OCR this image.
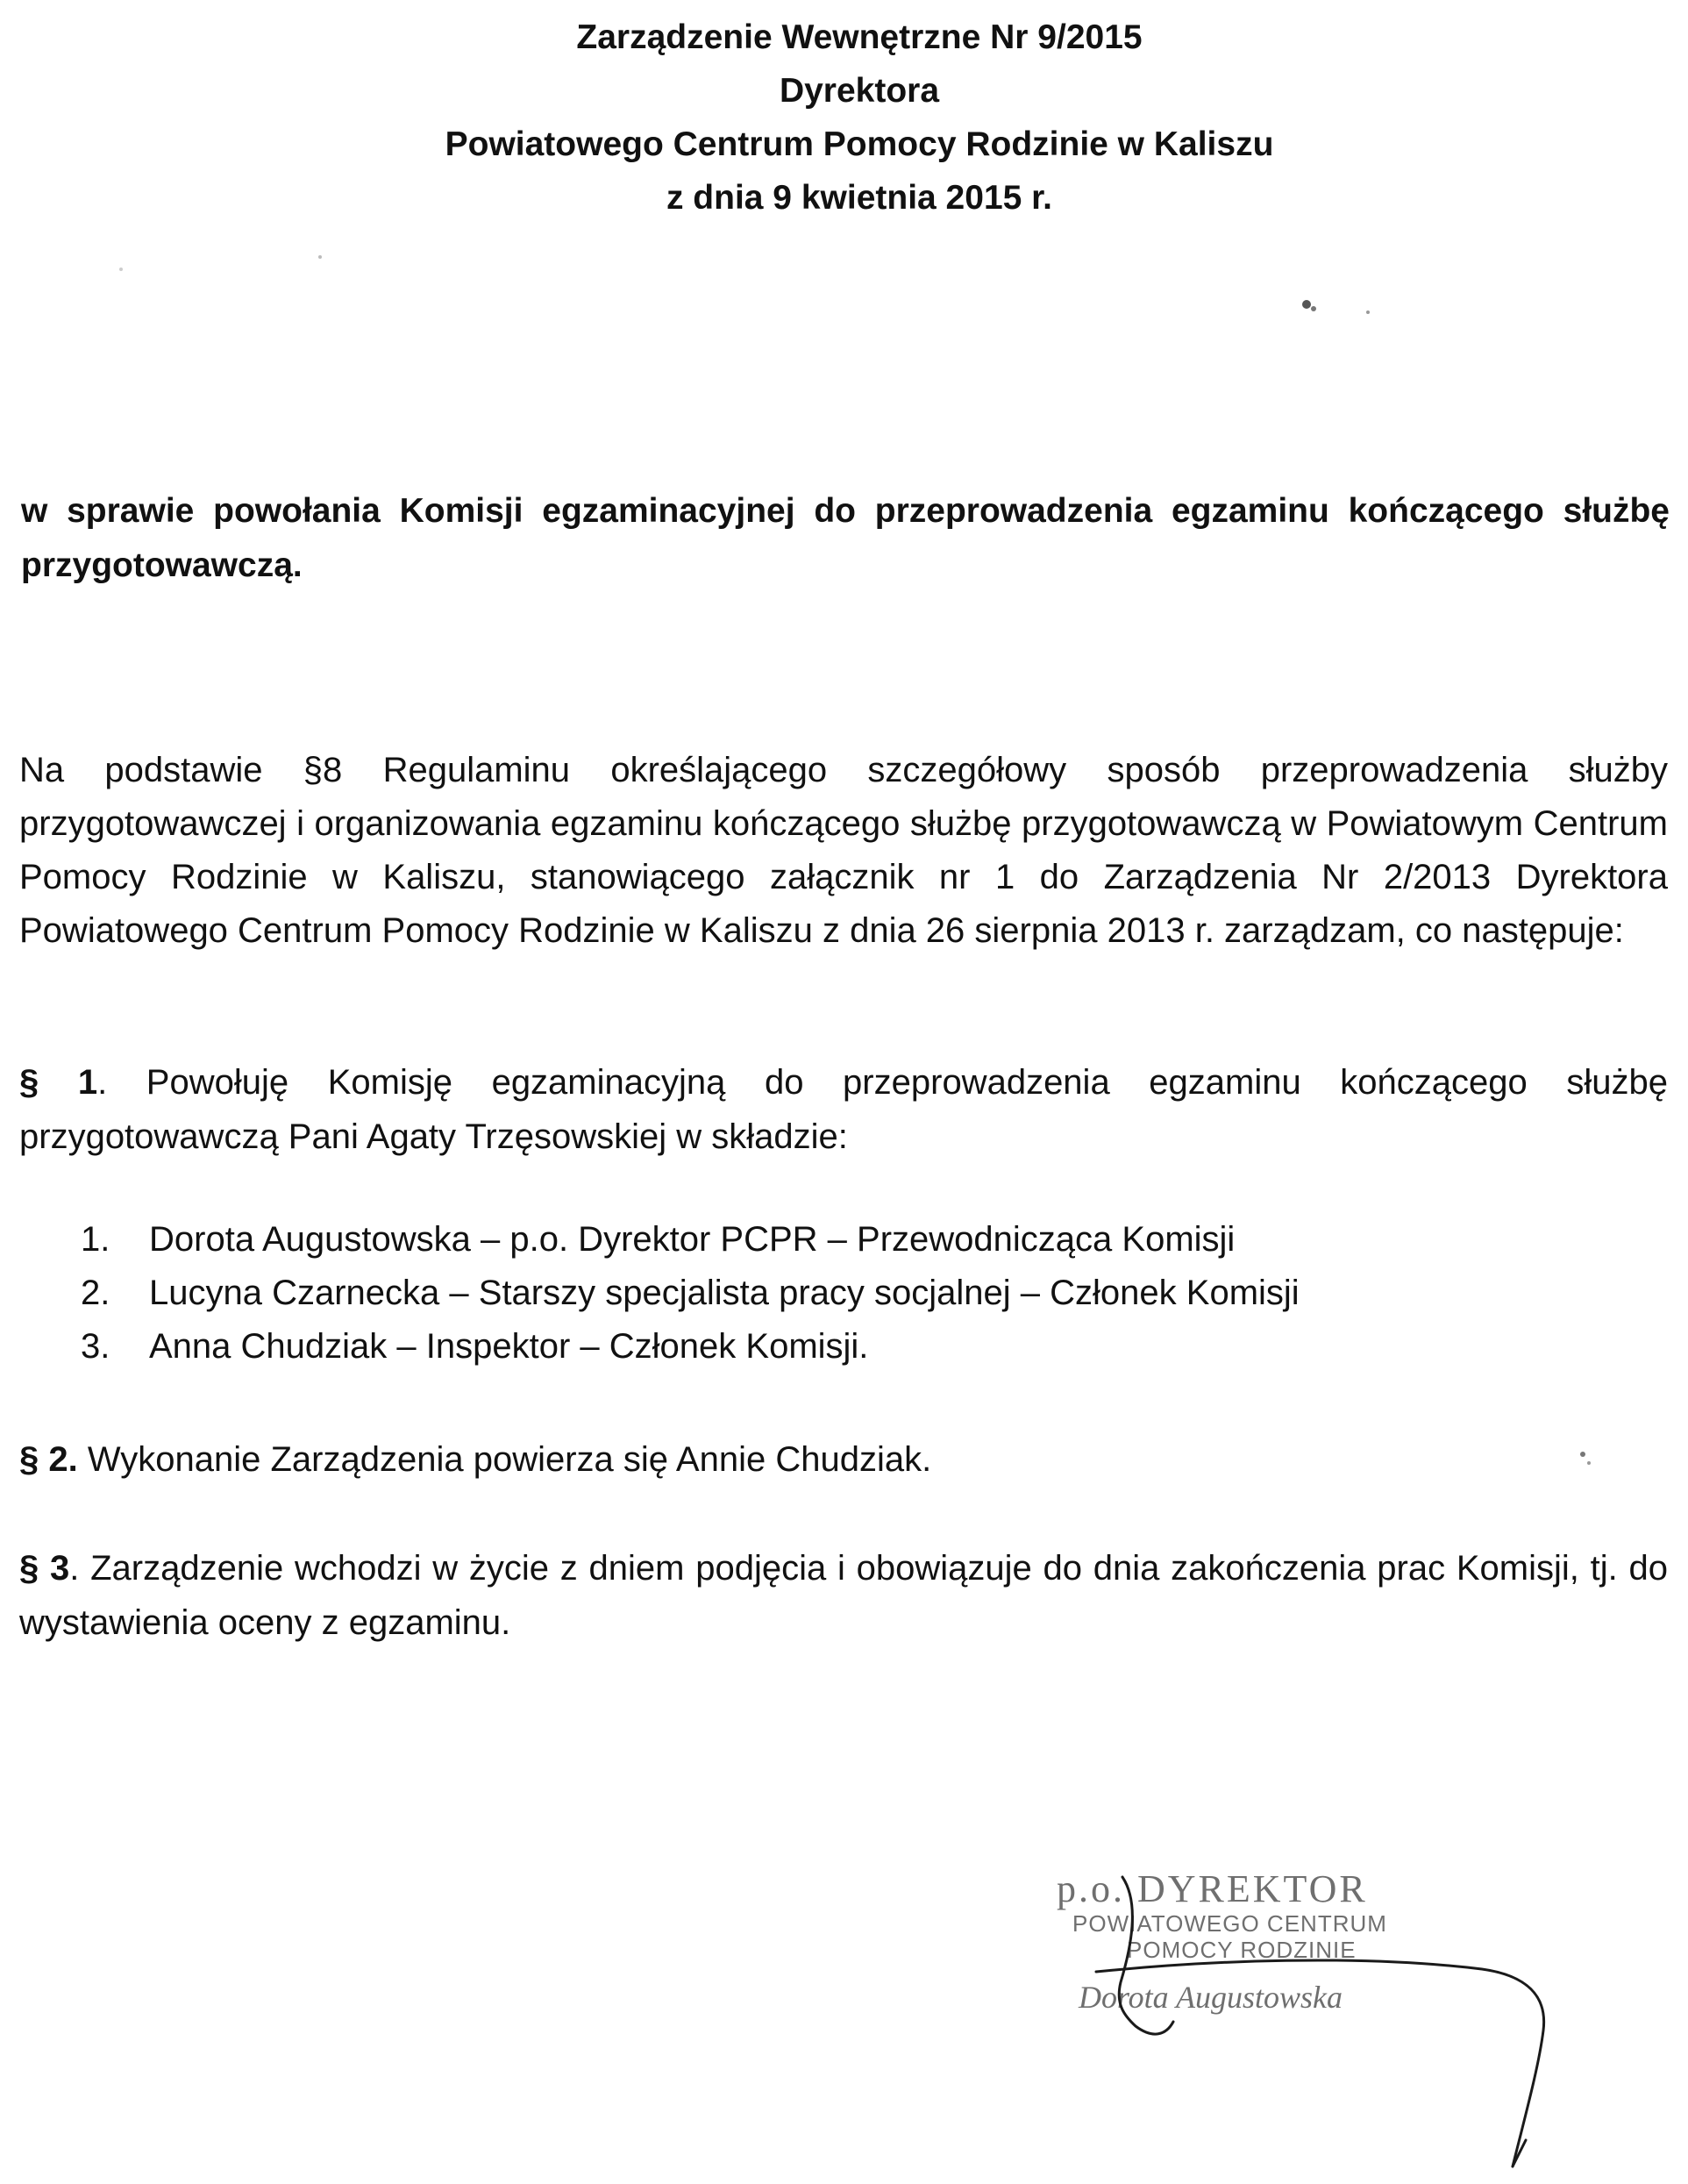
Zarządzenie Wewnętrzne Nr 9/2015
Dyrektora
Powiatowego Centrum Pomocy Rodzinie w Kaliszu
z dnia 9 kwietnia 2015 r.
w sprawie powołania Komisji egzaminacyjnej do przeprowadzenia egzaminu kończącego służbę przygotowawczą.
Na podstawie §8 Regulaminu określającego szczegółowy sposób przeprowadzenia służby przygotowawczej i organizowania egzaminu kończącego służbę przygotowawczą w Powiatowym Centrum Pomocy Rodzinie w Kaliszu, stanowiącego załącznik nr 1 do Zarządzenia Nr 2/2013 Dyrektora Powiatowego Centrum Pomocy Rodzinie w Kaliszu z dnia 26 sierpnia 2013 r. zarządzam, co następuje:
§ 1. Powołuję Komisję egzaminacyjną do przeprowadzenia egzaminu kończącego służbę przygotowawczą Pani Agaty Trzęsowskiej w składzie:
1. Dorota Augustowska – p.o. Dyrektor PCPR – Przewodnicząca Komisji
2. Lucyna Czarnecka – Starszy specjalista pracy socjalnej – Członek Komisji
3. Anna Chudziak – Inspektor – Członek Komisji.
§ 2. Wykonanie Zarządzenia powierza się Annie Chudziak.
§ 3. Zarządzenie wchodzi w życie z dniem podjęcia i obowiązuje do dnia zakończenia prac Komisji, tj. do wystawienia oceny z egzaminu.
p.o. DYREKTOR
POWIATOWEGO CENTRUM
POMOCY RODZINIE
Dorota Augustowska
